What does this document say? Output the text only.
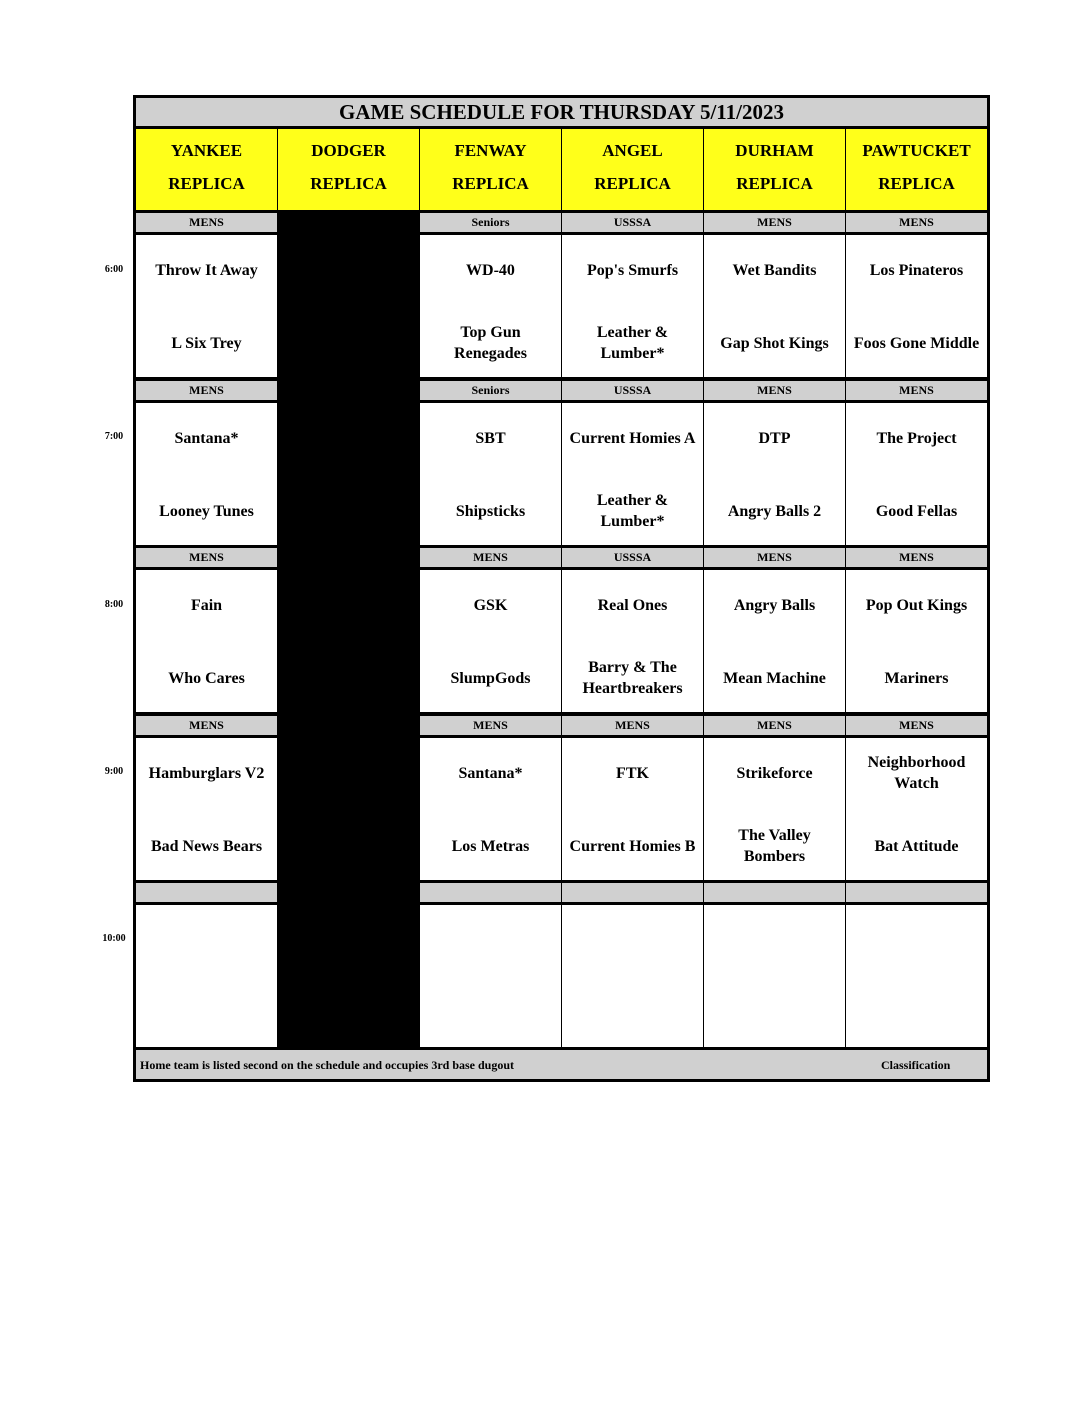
GAME SCHEDULE FOR THURSDAY 5/11/2023
YANKEE
REPLICA
DODGER
REPLICA
FENWAY
REPLICA
ANGEL
REPLICA
DURHAM
REPLICA
PAWTUCKET
REPLICA
MENS
Throw It Away
L Six Trey
Seniors
WD-40
Top Gun Renegades
USSSA
Pop's Smurfs
Leather & Lumber*
MENS
Wet Bandits
Gap Shot Kings
MENS
Los Pinateros
Foos Gone Middle
MENS
Santana*
Looney Tunes
Seniors
SBT
Shipsticks
USSSA
Current Homies A
Leather & Lumber*
MENS
DTP
Angry Balls 2
MENS
The Project
Good Fellas
MENS
Fain
Who Cares
MENS
GSK
SlumpGods
USSSA
Real Ones
Barry & The Heartbreakers
MENS
Angry Balls
Mean Machine
MENS
Pop Out Kings
Mariners
MENS
Hamburglars V2
Bad News Bears
MENS
Santana*
Los Metras
MENS
FTK
Current Homies B
MENS
Strikeforce
The Valley Bombers
MENS
Neighborhood Watch
Bat Attitude
Home team is listed second on the schedule and occupies 3rd base dugout	Classification
6:00
7:00
8:00
9:00
10:00
